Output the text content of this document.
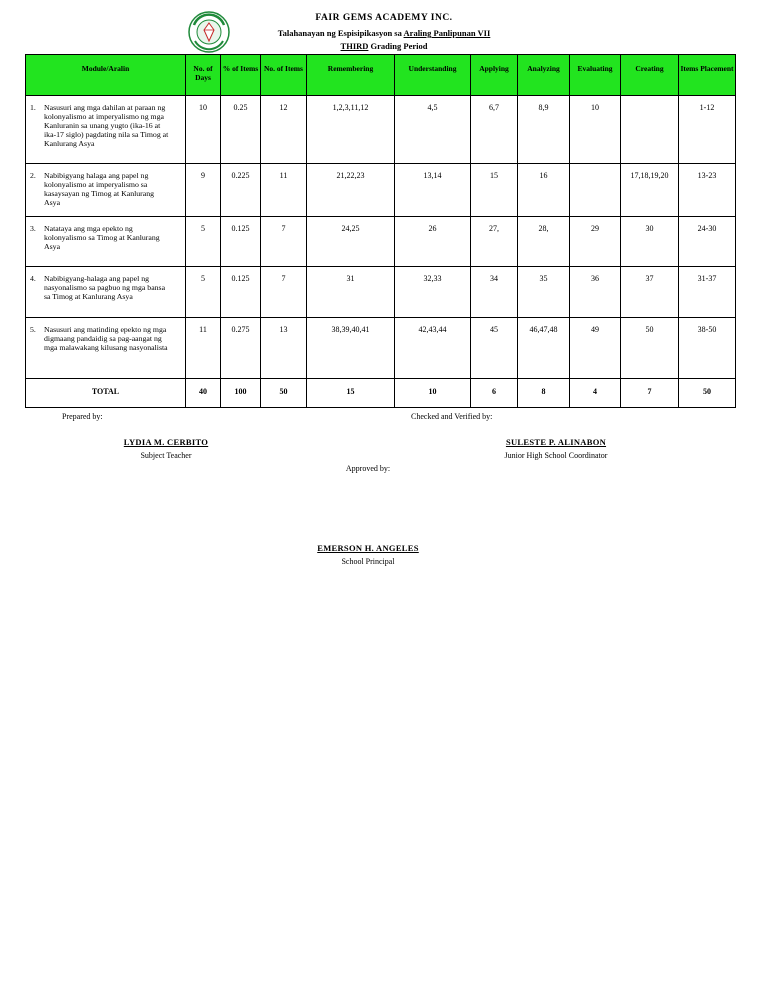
FAIR GEMS ACADEMY INC.
Talahanayan ng Espisipikasyon sa Araling Panlipunan VII
THIRD Grading Period
Module/Aralin	No. of Days	% of Items	No. of Items	Remembering	Understanding	Applying	Analyzing	Evaluating	Creating	Items Placement
1. Nasusuri ang mga dahilan at paraan ng kolonyalismo at imperyalismo ng mga Kanluranin sa unang yugto (ika-16 at ika-17 siglo) pagdating nila sa Timog at Kanlurang Asya	10	0.25	12	1,2,3,11,12	4,5	6,7	8,9	10		1-12
2. Nabibigyang halaga ang papel ng kolonyalismo at imperyalismo sa kasaysayan ng Timog at Kanlurang Asya	9	0.225	11	21,22,23	13,14	15	16		17,18,19,20	13-23
3. Natataya ang mga epekto ng kolonyalismo sa Timog at Kanlurang Asya	5	0.125	7	24,25	26	27,	28,	29	30	24-30
4. Nabibigyang-halaga ang papel ng nasyonalismo sa pagbuo ng mga bansa sa Timog at Kanlurang Asya	5	0.125	7	31	32,33	34	35	36	37	31-37
5. Nasusuri ang matinding epekto ng mga digmaang pandaidig sa pag-aangat ng mga malawakang kilusang nasyonalista	11	0.275	13	38,39,40,41	42,43,44	45	46,47,48	49	50	38-50
TOTAL	40	100	50	15	10	6	8	4	7	50
Prepared by:	Checked and Verified by:
LYDIA M. CERBITO
Subject Teacher
SULESTE P. ALINABON
Junior High School Coordinator
Approved by:
EMERSON H. ANGELES
School Principal
